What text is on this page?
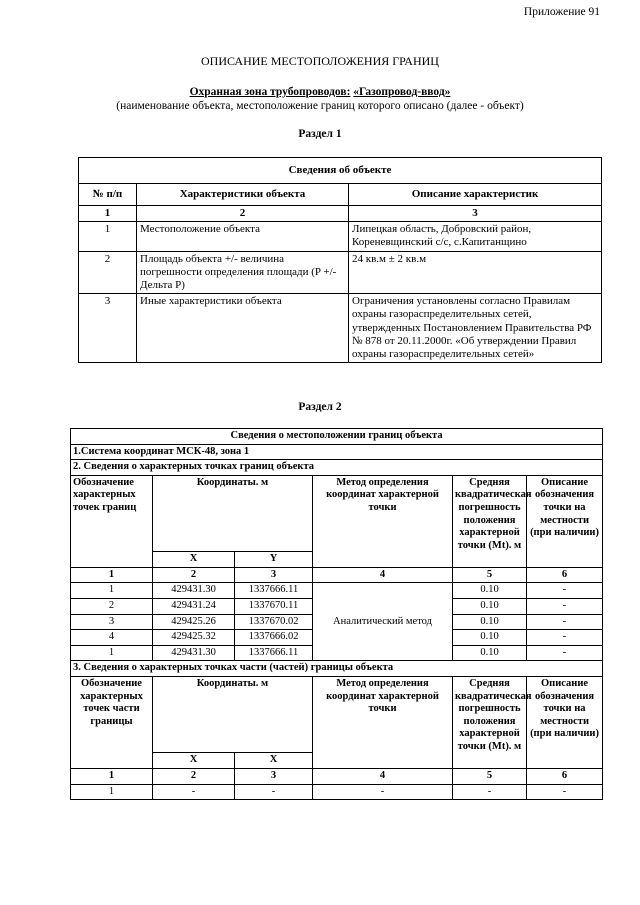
Приложение 91
ОПИСАНИЕ МЕСТОПОЛОЖЕНИЯ ГРАНИЦ
Охранная зона трубопроводов: «Газопровод-ввод»
(наименование объекта, местоположение границ которого описано (далее - объект)
Раздел 1
Сведения об объекте		
№ п/п	Характеристики объекта	Описание характеристик
1	2	3
1	Местоположение объекта	Липецкая область, Добровский район, Кореневщинский с/с, с.Капитанщино
2	Площадь объекта +/- величина погрешности определения площади (P +/- Дельта P)	24 кв.м ± 2 кв.м
3	Иные характеристики объекта	Ограничения установлены согласно Правилам охраны газораспределительных сетей, утвержденных Постановлением Правительства РФ № 878 от 20.11.2000г. «Об утверждении Правил охраны газораспределительных сетей»
Раздел 2
Сведения о местоположении границ объекта					
1.Система координат МСК-48, зона 1					
2. Сведения о характерных точках границ объекта					
Обозначение характерных точек границ	Координаты. м		Метод определения координат характерной точки	Средняя квадратическая погрешность положения характерной точки (Mt). м	Описание обозначения точки на местности (при наличии)
	X	Y			
1	2	3	4	5	6
1	429431.30	1337666.11	Аналитический метод	0.10	-
2	429431.24	1337670.11		0.10	-
3	429425.26	1337670.02		0.10	-
4	429425.32	1337666.02		0.10	-
1	429431.30	1337666.11		0.10	-
3. Сведения о характерных точках части (частей) границы объекта					
Обозначение характерных точек части границы	Координаты. м		Метод определения координат характерной точки	Средняя квадратическая погрешность положения характерной точки (Mt). м	Описание обозначения точки на местности (при наличии)
	X	X			
1	2	3	4	5	6
1	-	-	-	-	-
